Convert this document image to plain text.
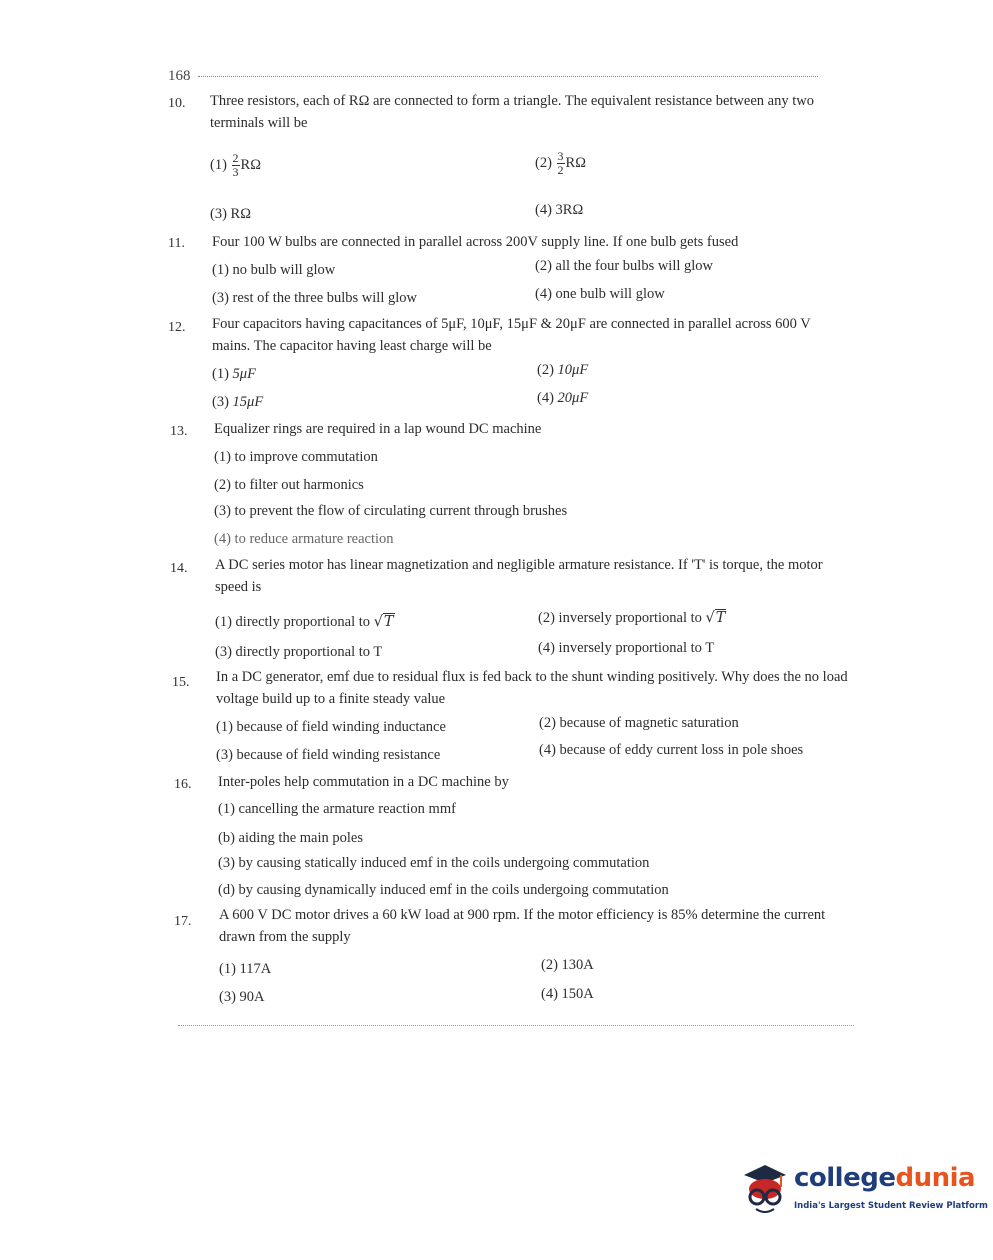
168
10. Three resistors, each of RΩ are connected to form a triangle. The equivalent resistance between any two terminals will be
$(1) \frac{2}{3}$ RΩ	$(2) \frac{3}{2}$ RΩ
(3) RΩ	(4) 3RΩ
11. Four 100 W bulbs are connected in parallel across 200V supply line. If one bulb gets fused
(1) no bulb will glow	(2) all the four bulbs will glow
(3) rest of the three bulbs will glow	(4) one bulb will glow
12. Four capacitors having capacitances of 5μF, 10μF, 15μF & 20μF are connected in parallel across 600 V mains. The capacitor having least charge will be
(1) 5μF	(2) 10μF
(3) 15μF	(4) 20μF
13. Equalizer rings are required in a lap wound DC machine
(1) to improve commutation
(2) to filter out harmonics
(3) to prevent the flow of circulating current through brushes
(4) to reduce armature reaction
14. A DC series motor has linear magnetization and negligible armature resistance. If 'T' is torque, the motor speed is
(1) directly proportional to √T	(2) inversely proportional to √T
(3) directly proportional to T	(4) inversely proportional to T
15. In a DC generator, emf due to residual flux is fed back to the shunt winding positively. Why does the no load voltage build up to a finite steady value
(1) because of field winding inductance	(2) because of magnetic saturation
(3) because of field winding resistance	(4) because of eddy current loss in pole shoes
16. Inter-poles help commutation in a DC machine by
(1) cancelling the armature reaction mmf
(b) aiding the main poles
(3) by causing statically induced emf in the coils undergoing commutation
(d) by causing dynamically induced emf in the coils undergoing commutation
17. A 600 V DC motor drives a 60 kW load at 900 rpm. If the motor efficiency is 85% determine the current drawn from the supply
(1) 117A	(2) 130A
(3) 90A	(4) 150A
collegedunia
India's Largest Student Review Platform
